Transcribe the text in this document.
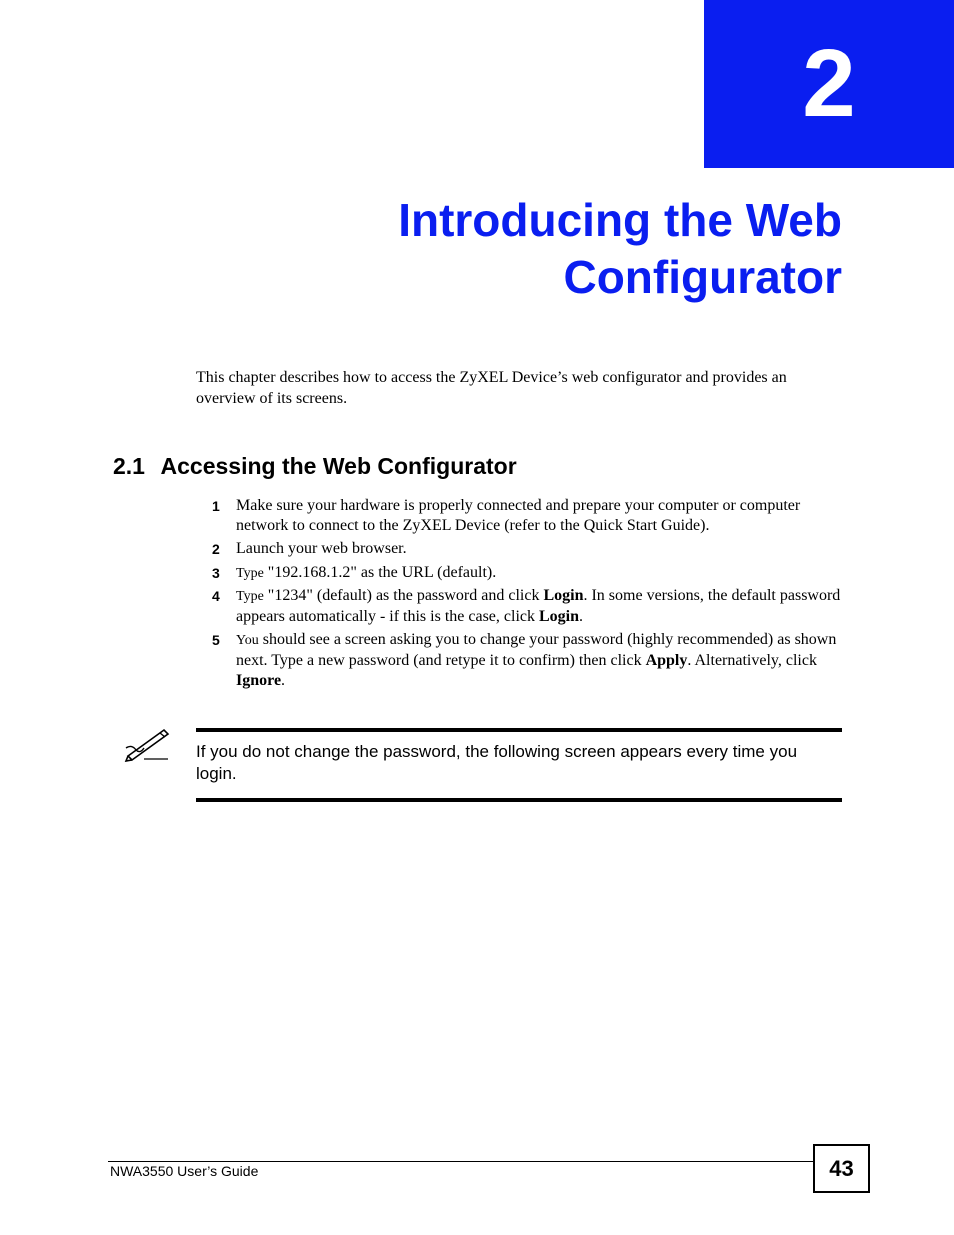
2
Introducing the Web
Configurator

This chapter describes how to access the ZyXEL Device’s web configurator and provides an overview of its screens.

2.1 Accessing the Web Configurator
1 Make sure your hardware is properly connected and prepare your computer or computer network to connect to the ZyXEL Device (refer to the Quick Start Guide).
2 Launch your web browser.
3 Type "192.168.1.2" as the URL (default).
4 Type "1234" (default) as the password and click Login. In some versions, the default password appears automatically - if this is the case, click Login.
5 You should see a screen asking you to change your password (highly recommended) as shown next. Type a new password (and retype it to confirm) then click Apply. Alternatively, click Ignore.

If you do not change the password, the following screen appears every time you login.

NWA3550 User’s Guide	43
